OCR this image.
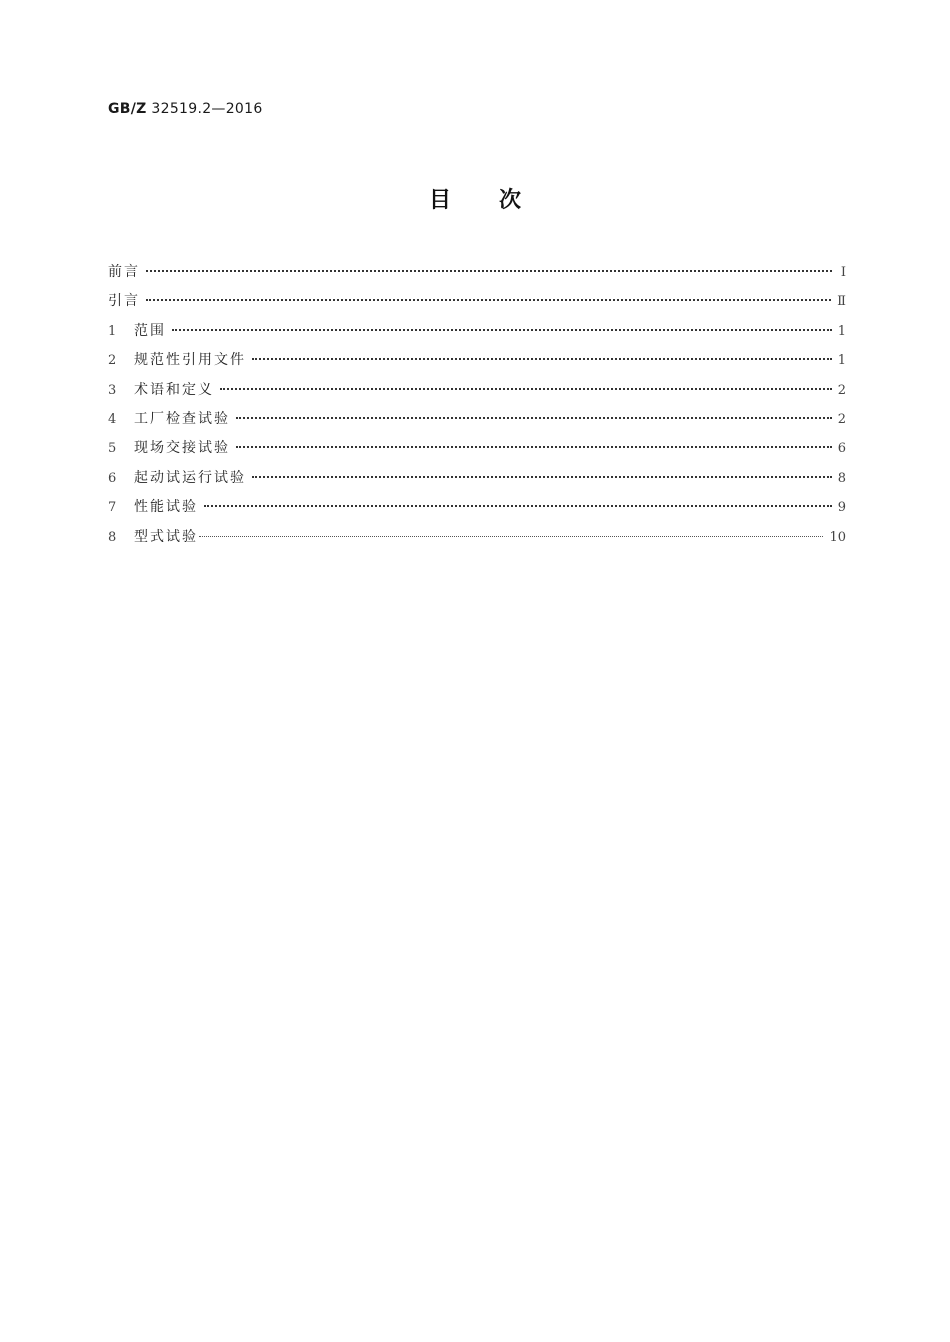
GB/Z 32519.2—2016
目次
前言	Ⅰ
引言	Ⅱ
1	范围	1
2	规范性引用文件	1
3	术语和定义	2
4	工厂检查试验	2
5	现场交接试验	6
6	起动试运行试验	8
7	性能试验	9
8	型式试验	10
